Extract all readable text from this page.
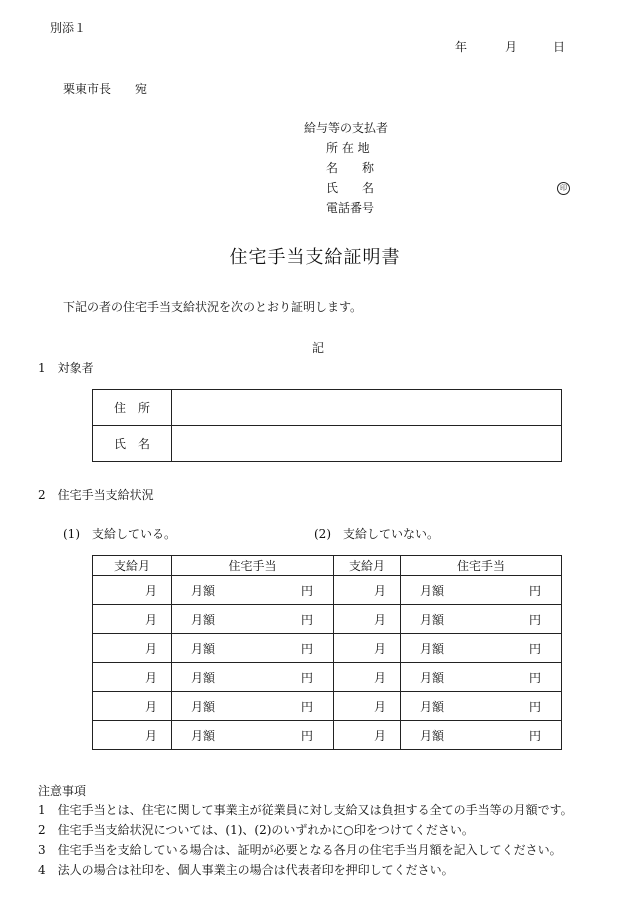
別添１
年	月	日
栗東市長　　宛
給与等の支払者
所 在 地
名　　称
氏　　名	印
電話番号
住宅手当支給証明書
下記の者の住宅手当支給状況を次のとおり証明します。
記
1　対象者
住　所	
氏　名	
2　住宅手当支給状況
(1)　支給している。	(2)　支給していない。
支給月	住宅手当	支給月	住宅手当
月	月額 円	月	月額 円

月	月額 円	月	月額 円

月	月額 円	月	月額 円

月	月額 円	月	月額 円

月	月額 円	月	月額 円

月	月額 円	月	月額 円
注意事項
1　住宅手当とは、住宅に関して事業主が従業員に対し支給又は負担する全ての手当等の月額です。
2　住宅手当支給状況については、(1)、(2)のいずれかに○印をつけてください。
3　住宅手当を支給している場合は、証明が必要となる各月の住宅手当月額を記入してください。
4　法人の場合は社印を、個人事業主の場合は代表者印を押印してください。
